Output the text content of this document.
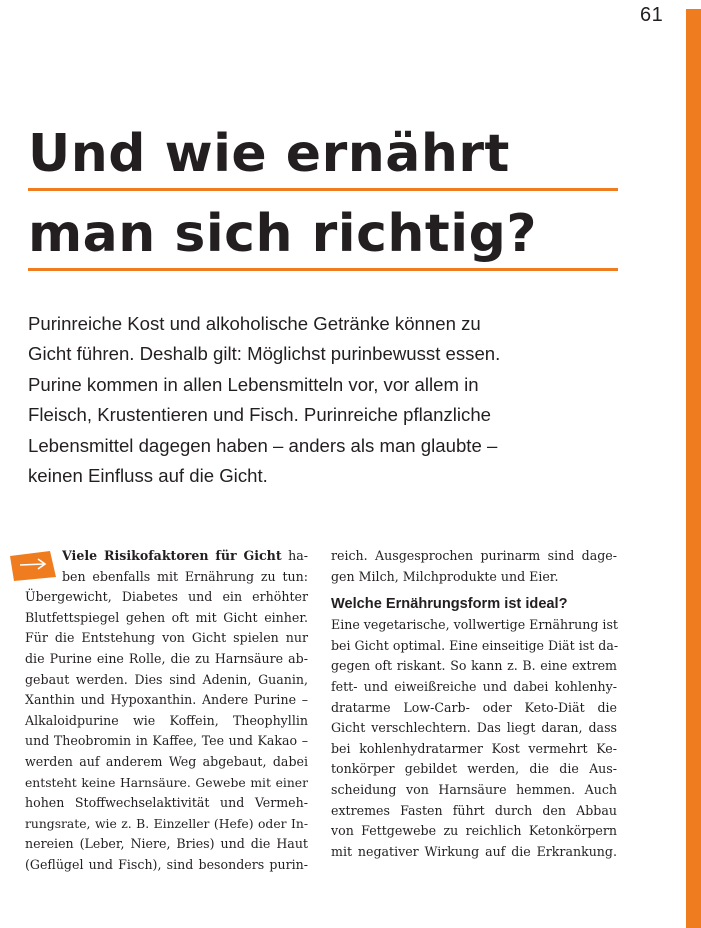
61
Und wie ernährt
man sich richtig?

Purinreiche Kost und alkoholische Getränke können zu
Gicht führen. Deshalb gilt: Möglichst purinbewusst essen.
Purine kommen in allen Lebensmitteln vor, vor allem in
Fleisch, Krustentieren und Fisch. Purinreiche pflanzliche
Lebensmittel dagegen haben – anders als man glaubte –
keinen Einfluss auf die Gicht.

Viele Risikofaktoren für Gicht ha-
ben ebenfalls mit Ernährung zu tun:
Übergewicht, Diabetes und ein erhöhter
Blutfettspiegel gehen oft mit Gicht einher.
Für die Entstehung von Gicht spielen nur
die Purine eine Rolle, die zu Harnsäure ab-
gebaut werden. Dies sind Adenin, Guanin,
Xanthin und Hypoxanthin. Andere Purine –
Alkaloidpurine wie Koffein, Theophyllin
und Theobromin in Kaffee, Tee und Kakao –
werden auf anderem Weg abgebaut, dabei
entsteht keine Harnsäure. Gewebe mit einer
hohen Stoffwechselaktivität und Vermeh-
rungsrate, wie z. B. Einzeller (Hefe) oder In-
nereien (Leber, Niere, Bries) und die Haut
(Geflügel und Fisch), sind besonders purin-
reich. Ausgesprochen purinarm sind dage-
gen Milch, Milchprodukte und Eier.
Welche Ernährungsform ist ideal?
Eine vegetarische, vollwertige Ernährung ist
bei Gicht optimal. Eine einseitige Diät ist da-
gegen oft riskant. So kann z. B. eine extrem
fett- und eiweißreiche und dabei kohlenhy-
dratarme Low-Carb- oder Keto-Diät die
Gicht verschlechtern. Das liegt daran, dass
bei kohlenhydratarmer Kost vermehrt Ke-
tonkörper gebildet werden, die die Aus-
scheidung von Harnsäure hemmen. Auch
extremes Fasten führt durch den Abbau
von Fettgewebe zu reichlich Ketonkörpern
mit negativer Wirkung auf die Erkrankung.
